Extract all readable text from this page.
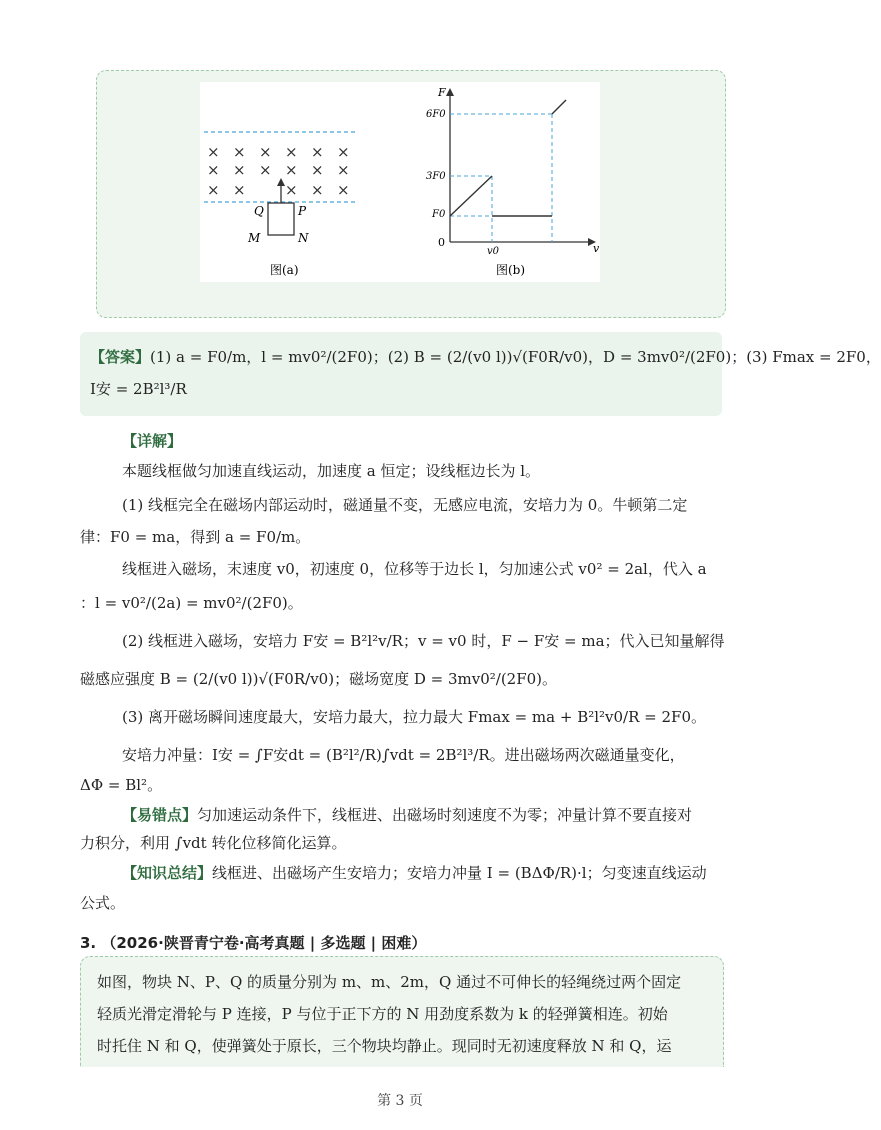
× × × × × ×
× × × × × ×
× ×	× × ×
Q	P
M	N
图(a)
F
v
0
6F0
3F0
F0
v0
图(b)
【答案】(1) a = F0/m，l = mv0²/(2F0)；(2) B = (2/(v0 l))√(F0R/v0)，D = 3mv0²/(2F0)；(3) Fmax = 2F0，
I安 = 2B²l³/R
【详解】
本题线框做匀加速直线运动，加速度 a 恒定；设线框边长为 l。
(1) 线框完全在磁场内部运动时，磁通量不变，无感应电流，安培力为 0。牛顿第二定
律：F0 = ma，得到 a = F0/m。
线框进入磁场，末速度 v0，初速度 0，位移等于边长 l，匀加速公式 v0² = 2al，代入 a
：l = v0²/(2a) = mv0²/(2F0)。
(2) 线框进入磁场，安培力 F安 = B²l²v/R；v = v0 时，F − F安 = ma；代入已知量解得
磁感应强度 B = (2/(v0 l))√(F0R/v0)；磁场宽度 D = 3mv0²/(2F0)。
(3) 离开磁场瞬间速度最大，安培力最大，拉力最大 Fmax = ma + B²l²v0/R = 2F0。
安培力冲量：I安 = ∫F安dt = (B²l²/R)∫vdt = 2B²l³/R。进出磁场两次磁通量变化，
ΔΦ = Bl²。
【易错点】匀加速运动条件下，线框进、出磁场时刻速度不为零；冲量计算不要直接对
力积分，利用 ∫vdt 转化位移简化运算。
【知识总结】线框进、出磁场产生安培力；安培力冲量 I = (BΔΦ/R)·l；匀变速直线运动
公式。
3. （2026·陕晋青宁卷·高考真题 | 多选题 | 困难）
如图，物块 N、P、Q 的质量分别为 m、m、2m，Q 通过不可伸长的轻绳绕过两个固定
轻质光滑定滑轮与 P 连接，P 与位于正下方的 N 用劲度系数为 k 的轻弹簧相连。初始
时托住 N 和 Q，使弹簧处于原长，三个物块均静止。现同时无初速度释放 N 和 Q，运
第 3 页
